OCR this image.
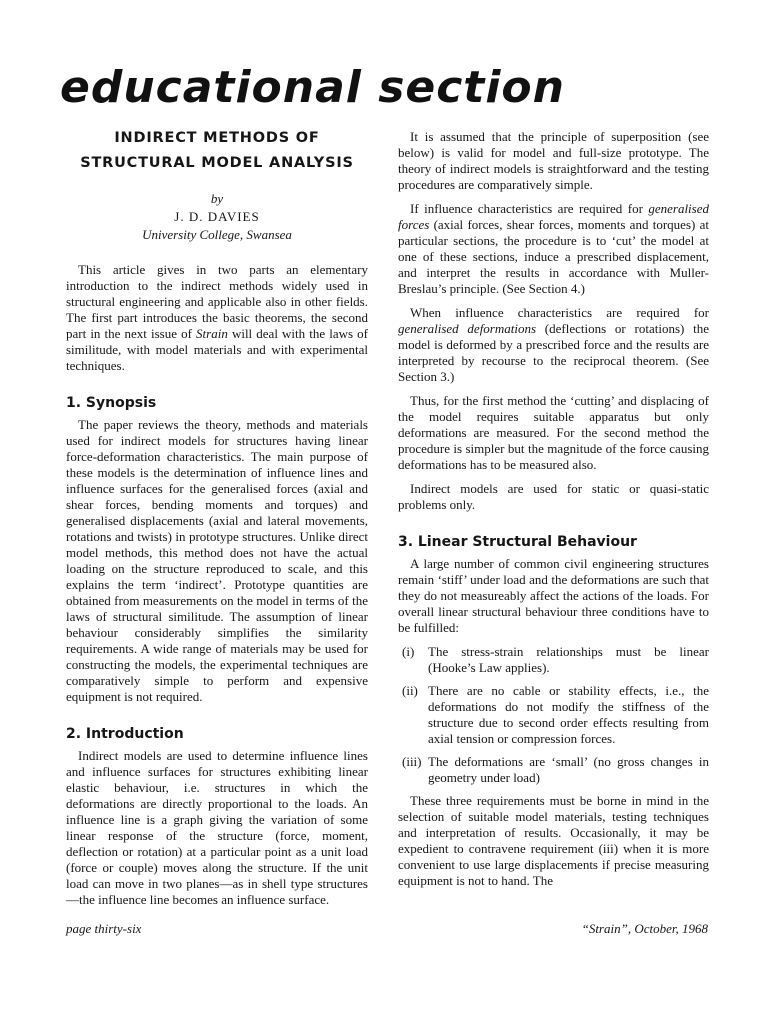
educational section
INDIRECT METHODS OF
STRUCTURAL MODEL ANALYSIS
by
J. D. DAVIES
University College, Swansea

This article gives in two parts an elementary introduction to the indirect methods widely used in structural engineering and applicable also in other fields. The first part introduces the basic theorems, the second part in the next issue of Strain will deal with the laws of similitude, with model materials and with experimental techniques.

1. Synopsis

The paper reviews the theory, methods and materials used for indirect models for structures having linear force-deformation characteristics. The main purpose of these models is the determination of influence lines and influence surfaces for the generalised forces (axial and shear forces, bending moments and torques) and generalised displacements (axial and lateral movements, rotations and twists) in prototype structures. Unlike direct model methods, this method does not have the actual loading on the structure reproduced to scale, and this explains the term ‘indirect’. Prototype quantities are obtained from measurements on the model in terms of the laws of structural similitude. The assumption of linear behaviour considerably simplifies the similarity requirements. A wide range of materials may be used for constructing the models, the experimental techniques are comparatively simple to perform and expensive equipment is not required.

2. Introduction

Indirect models are used to determine influence lines and influence surfaces for structures exhibiting linear elastic behaviour, i.e. structures in which the deformations are directly proportional to the loads. An influence line is a graph giving the variation of some linear response of the structure (force, moment, deflection or rotation) at a particular point as a unit load (force or couple) moves along the structure. If the unit load can move in two planes—as in shell type structures—the influence line becomes an influence surface.

It is assumed that the principle of superposition (see below) is valid for model and full-size prototype. The theory of indirect models is straightforward and the testing procedures are comparatively simple.

If influence characteristics are required for generalised forces (axial forces, shear forces, moments and torques) at particular sections, the procedure is to ‘cut’ the model at one of these sections, induce a prescribed displacement, and interpret the results in accordance with Muller-Breslau’s principle. (See Section 4.)

When influence characteristics are required for generalised deformations (deflections or rotations) the model is deformed by a prescribed force and the results are interpreted by recourse to the reciprocal theorem. (See Section 3.)

Thus, for the first method the ‘cutting’ and displacing of the model requires suitable apparatus but only deformations are measured. For the second method the procedure is simpler but the magnitude of the force causing deformations has to be measured also.

Indirect models are used for static or quasi-static problems only.

3. Linear Structural Behaviour

A large number of common civil engineering structures remain ‘stiff’ under load and the deformations are such that they do not measureably affect the actions of the loads. For overall linear structural behaviour three conditions have to be fulfilled:

(i) The stress-strain relationships must be linear (Hooke’s Law applies).
(ii) There are no cable or stability effects, i.e., the deformations do not modify the stiffness of the structure due to second order effects resulting from axial tension or compression forces.
(iii) The deformations are ‘small’ (no gross changes in geometry under load)

These three requirements must be borne in mind in the selection of suitable model materials, testing techniques and interpretation of results. Occasionally, it may be expedient to contravene requirement (iii) when it is more convenient to use large displacements if precise measuring equipment is not to hand. The

page thirty-six	“Strain”, October, 1968
